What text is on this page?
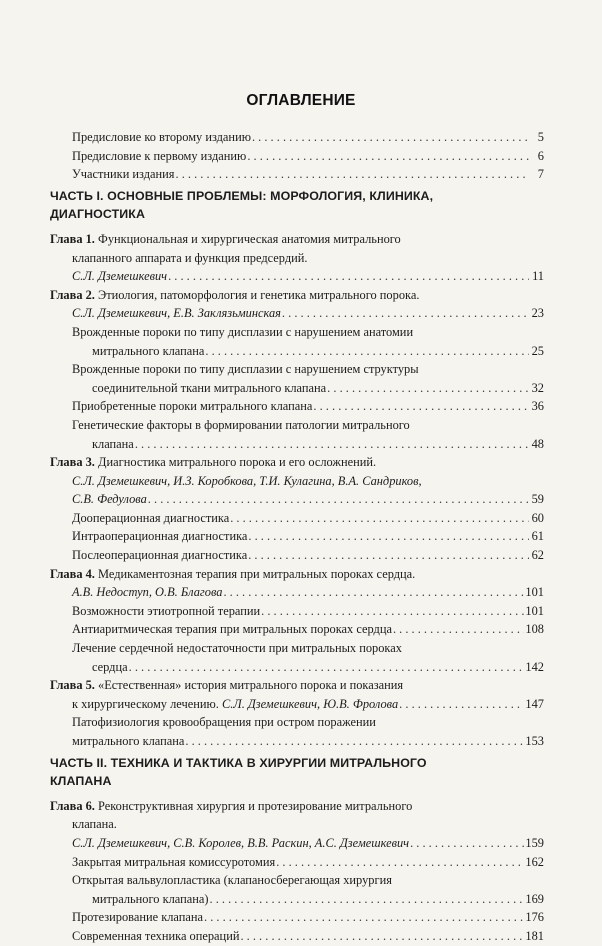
ОГЛАВЛЕНИЕ
Предисловие ко второму изданию . . .	5
Предисловие к первому изданию . . .	6
Участники издания . . .	7
ЧАСТЬ I. ОСНОВНЫЕ ПРОБЛЕМЫ: МОРФОЛОГИЯ, КЛИНИКА,
ДИАГНОСТИКА
Глава 1. Функциональная и хирургическая анатомия митрального
клапанного аппарата и функция предсердий.
С.Л. Дземешкевич . . .	11
Глава 2. Этиология, патоморфология и генетика митрального порока.
С.Л. Дземешкевич, Е.В. Заклязьминская . . .	23
Врожденные пороки по типу дисплазии с нарушением анатомии
митрального клапана . . .	25
Врожденные пороки по типу дисплазии с нарушением структуры
соединительной ткани митрального клапана . . .	32
Приобретенные пороки митрального клапана . . .	36
Генетические факторы в формировании патологии митрального
клапана . . .	48
Глава 3. Диагностика митрального порока и его осложнений.
С.Л. Дземешкевич, И.З. Коробкова, Т.И. Кулагина, В.А. Сандриков,
С.В. Федулова . . .	59
Дооперационная диагностика . . .	60
Интраоперационная диагностика . . .	61
Послеоперационная диагностика . . .	62
Глава 4. Медикаментозная терапия при митральных пороках сердца.
А.В. Недоступ, О.В. Благова . . .	101
Возможности этиотропной терапии . . .	101
Антиаритмическая терапия при митральных пороках сердца . . .	108
Лечение сердечной недостаточности при митральных пороках
сердца . . .	142
Глава 5. «Естественная» история митрального порока и показания
к хирургическому лечению.
С.Л. Дземешкевич, Ю.В. Фролова . . .	147
Патофизиология кровообращения при остром поражении
митрального клапана . . .	153
ЧАСТЬ II. ТЕХНИКА И ТАКТИКА В ХИРУРГИИ МИТРАЛЬНОГО
КЛАПАНА
Глава 6. Реконструктивная хирургия и протезирование митрального
клапана.
С.Л. Дземешкевич, С.В. Королев, В.В. Раскин, А.С. Дземешкевич . . .	159
Закрытая митральная комиссуротомия . . .	162
Открытая вальвулопластика (клапаносберегающая хирургия
митрального клапана) . . .	169
Протезирование клапана . . .	176
Современная техника операций . . .	181
